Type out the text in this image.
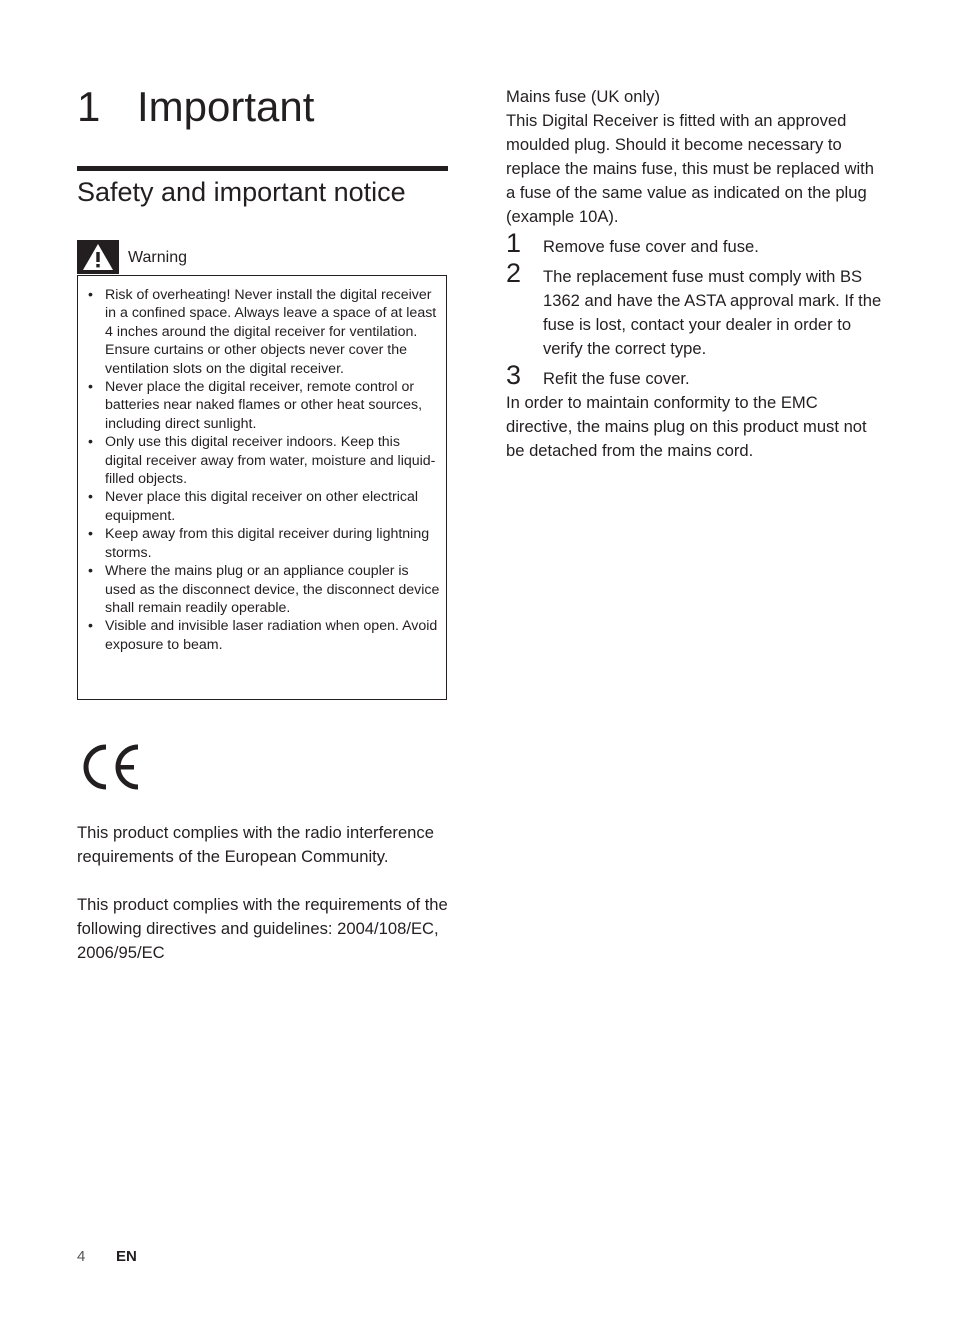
1 Important
Safety and important notice
Warning
• Risk of overheating! Never install the digital receiver in a confined space. Always leave a space of at least 4 inches around the digital receiver for ventilation. Ensure curtains or other objects never cover the ventilation slots on the digital receiver.
• Never place the digital receiver, remote control or batteries near naked flames or other heat sources, including direct sunlight.
• Only use this digital receiver indoors. Keep this digital receiver away from water, moisture and liquid-filled objects.
• Never place this digital receiver on other electrical equipment.
• Keep away from this digital receiver during lightning storms.
• Where the mains plug or an appliance coupler is used as the disconnect device, the disconnect device shall remain readily operable.
• Visible and invisible laser radiation when open. Avoid exposure to beam.
This product complies with the radio interference requirements of the European Community.
This product complies with the requirements of the following directives and guidelines: 2004/108/EC, 2006/95/EC
Mains fuse (UK only)
This Digital Receiver is fitted with an approved moulded plug. Should it become necessary to replace the mains fuse, this must be replaced with a fuse of the same value as indicated on the plug (example 10A).
1 Remove fuse cover and fuse.
2 The replacement fuse must comply with BS 1362 and have the ASTA approval mark. If the fuse is lost, contact your dealer in order to verify the correct type.
3 Refit the fuse cover.
In order to maintain conformity to the EMC directive, the mains plug on this product must not be detached from the mains cord.
4 EN
